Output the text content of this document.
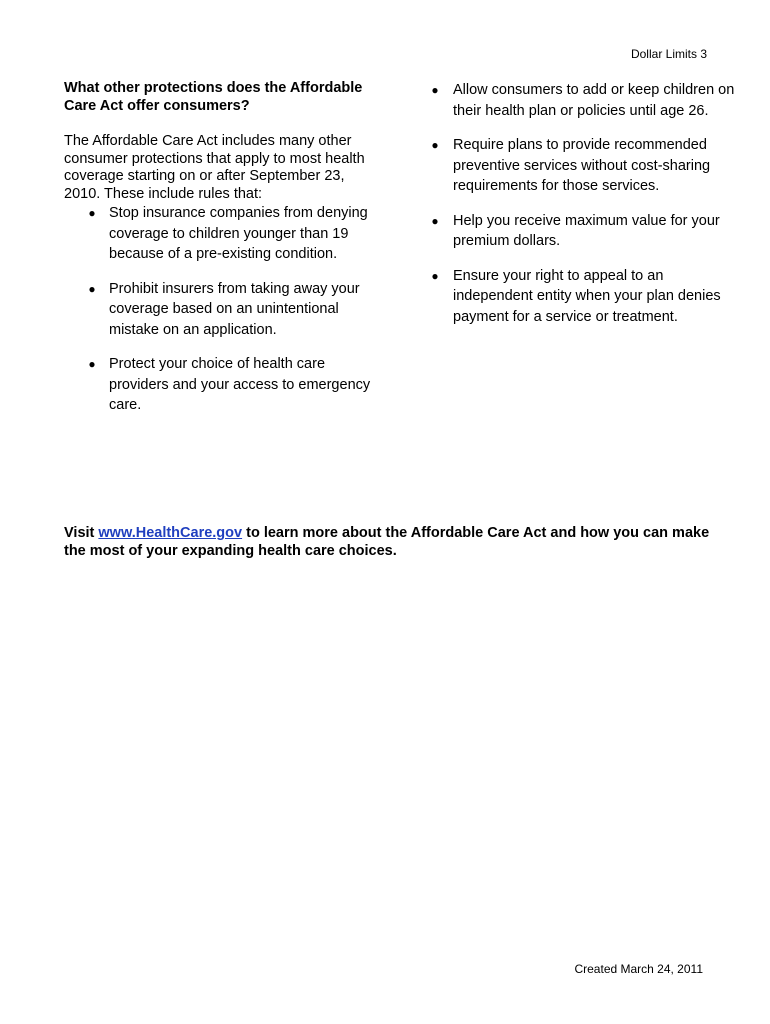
Dollar Limits 3
What other protections does the Affordable Care Act offer consumers?

The Affordable Care Act includes many other consumer protections that apply to most health coverage starting on or after September 23, 2010. These include rules that:

● Stop insurance companies from denying coverage to children younger than 19 because of a pre-existing condition.
● Prohibit insurers from taking away your coverage based on an unintentional mistake on an application.
● Protect your choice of health care providers and your access to emergency care.
● Allow consumers to add or keep children on their health plan or policies until age 26.
● Require plans to provide recommended preventive services without cost-sharing requirements for those services.
● Help you receive maximum value for your premium dollars.
● Ensure your right to appeal to an independent entity when your plan denies payment for a service or treatment.
Visit www.HealthCare.gov to learn more about the Affordable Care Act and how you can make the most of your expanding health care choices.
Created March 24, 2011
